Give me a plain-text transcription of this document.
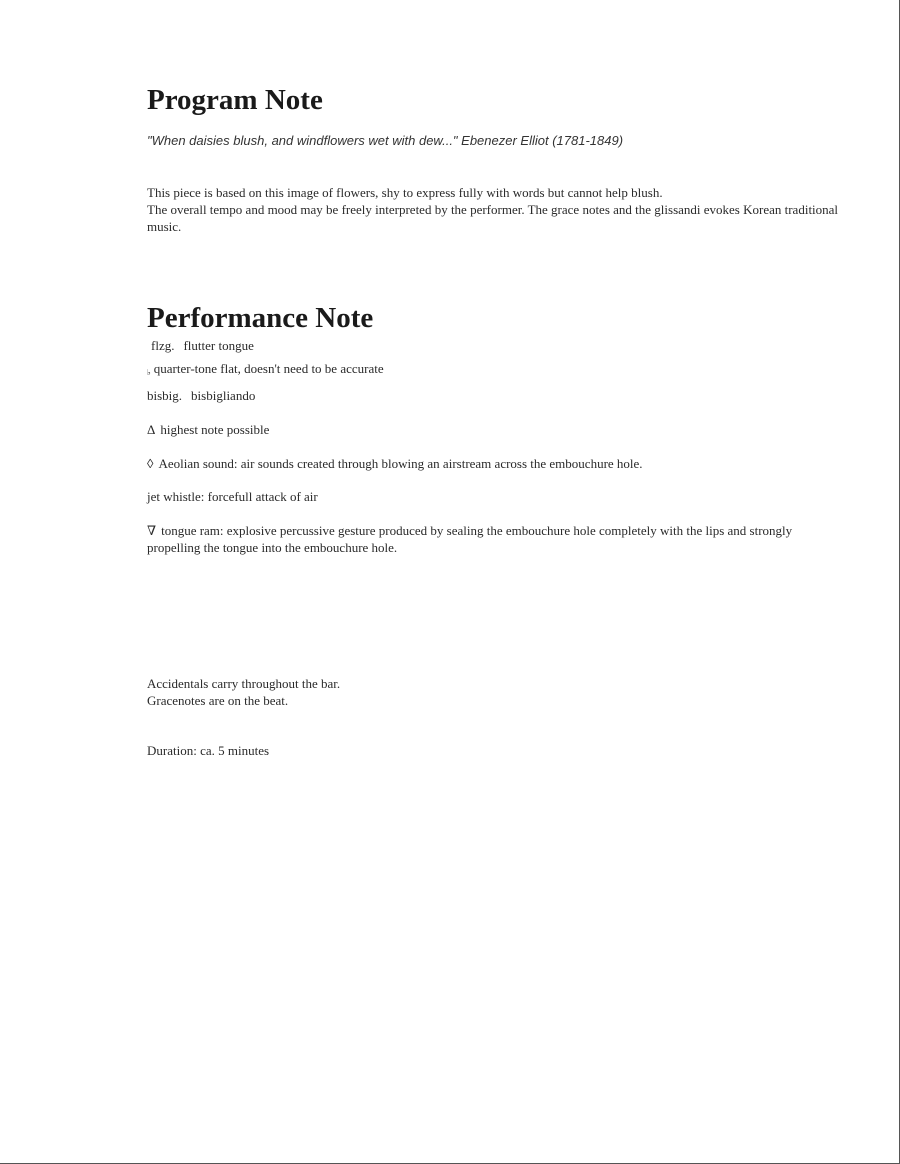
Program Note
"When daisies blush, and windflowers wet with dew..." Ebenezer Elliot (1781-1849)
This piece is based on this image of flowers, shy to express fully with words but cannot help blush.
The overall tempo and mood may be freely interpreted by the performer. The grace notes and the glissandi evokes Korean traditional music.
Performance Note
flzg. flutter tongue
♭ quarter-tone flat, doesn't need to be accurate
bisbig. bisbigliando
Δ highest note possible
◊ Aeolian sound: air sounds created through blowing an airstream across the embouchure hole.
jet whistle: forcefull attack of air
∇ tongue ram: explosive percussive gesture produced by sealing the embouchure hole completely with the lips and strongly propelling the tongue into the embouchure hole.
Accidentals carry throughout the bar.
Gracenotes are on the beat.
Duration: ca. 5 minutes
